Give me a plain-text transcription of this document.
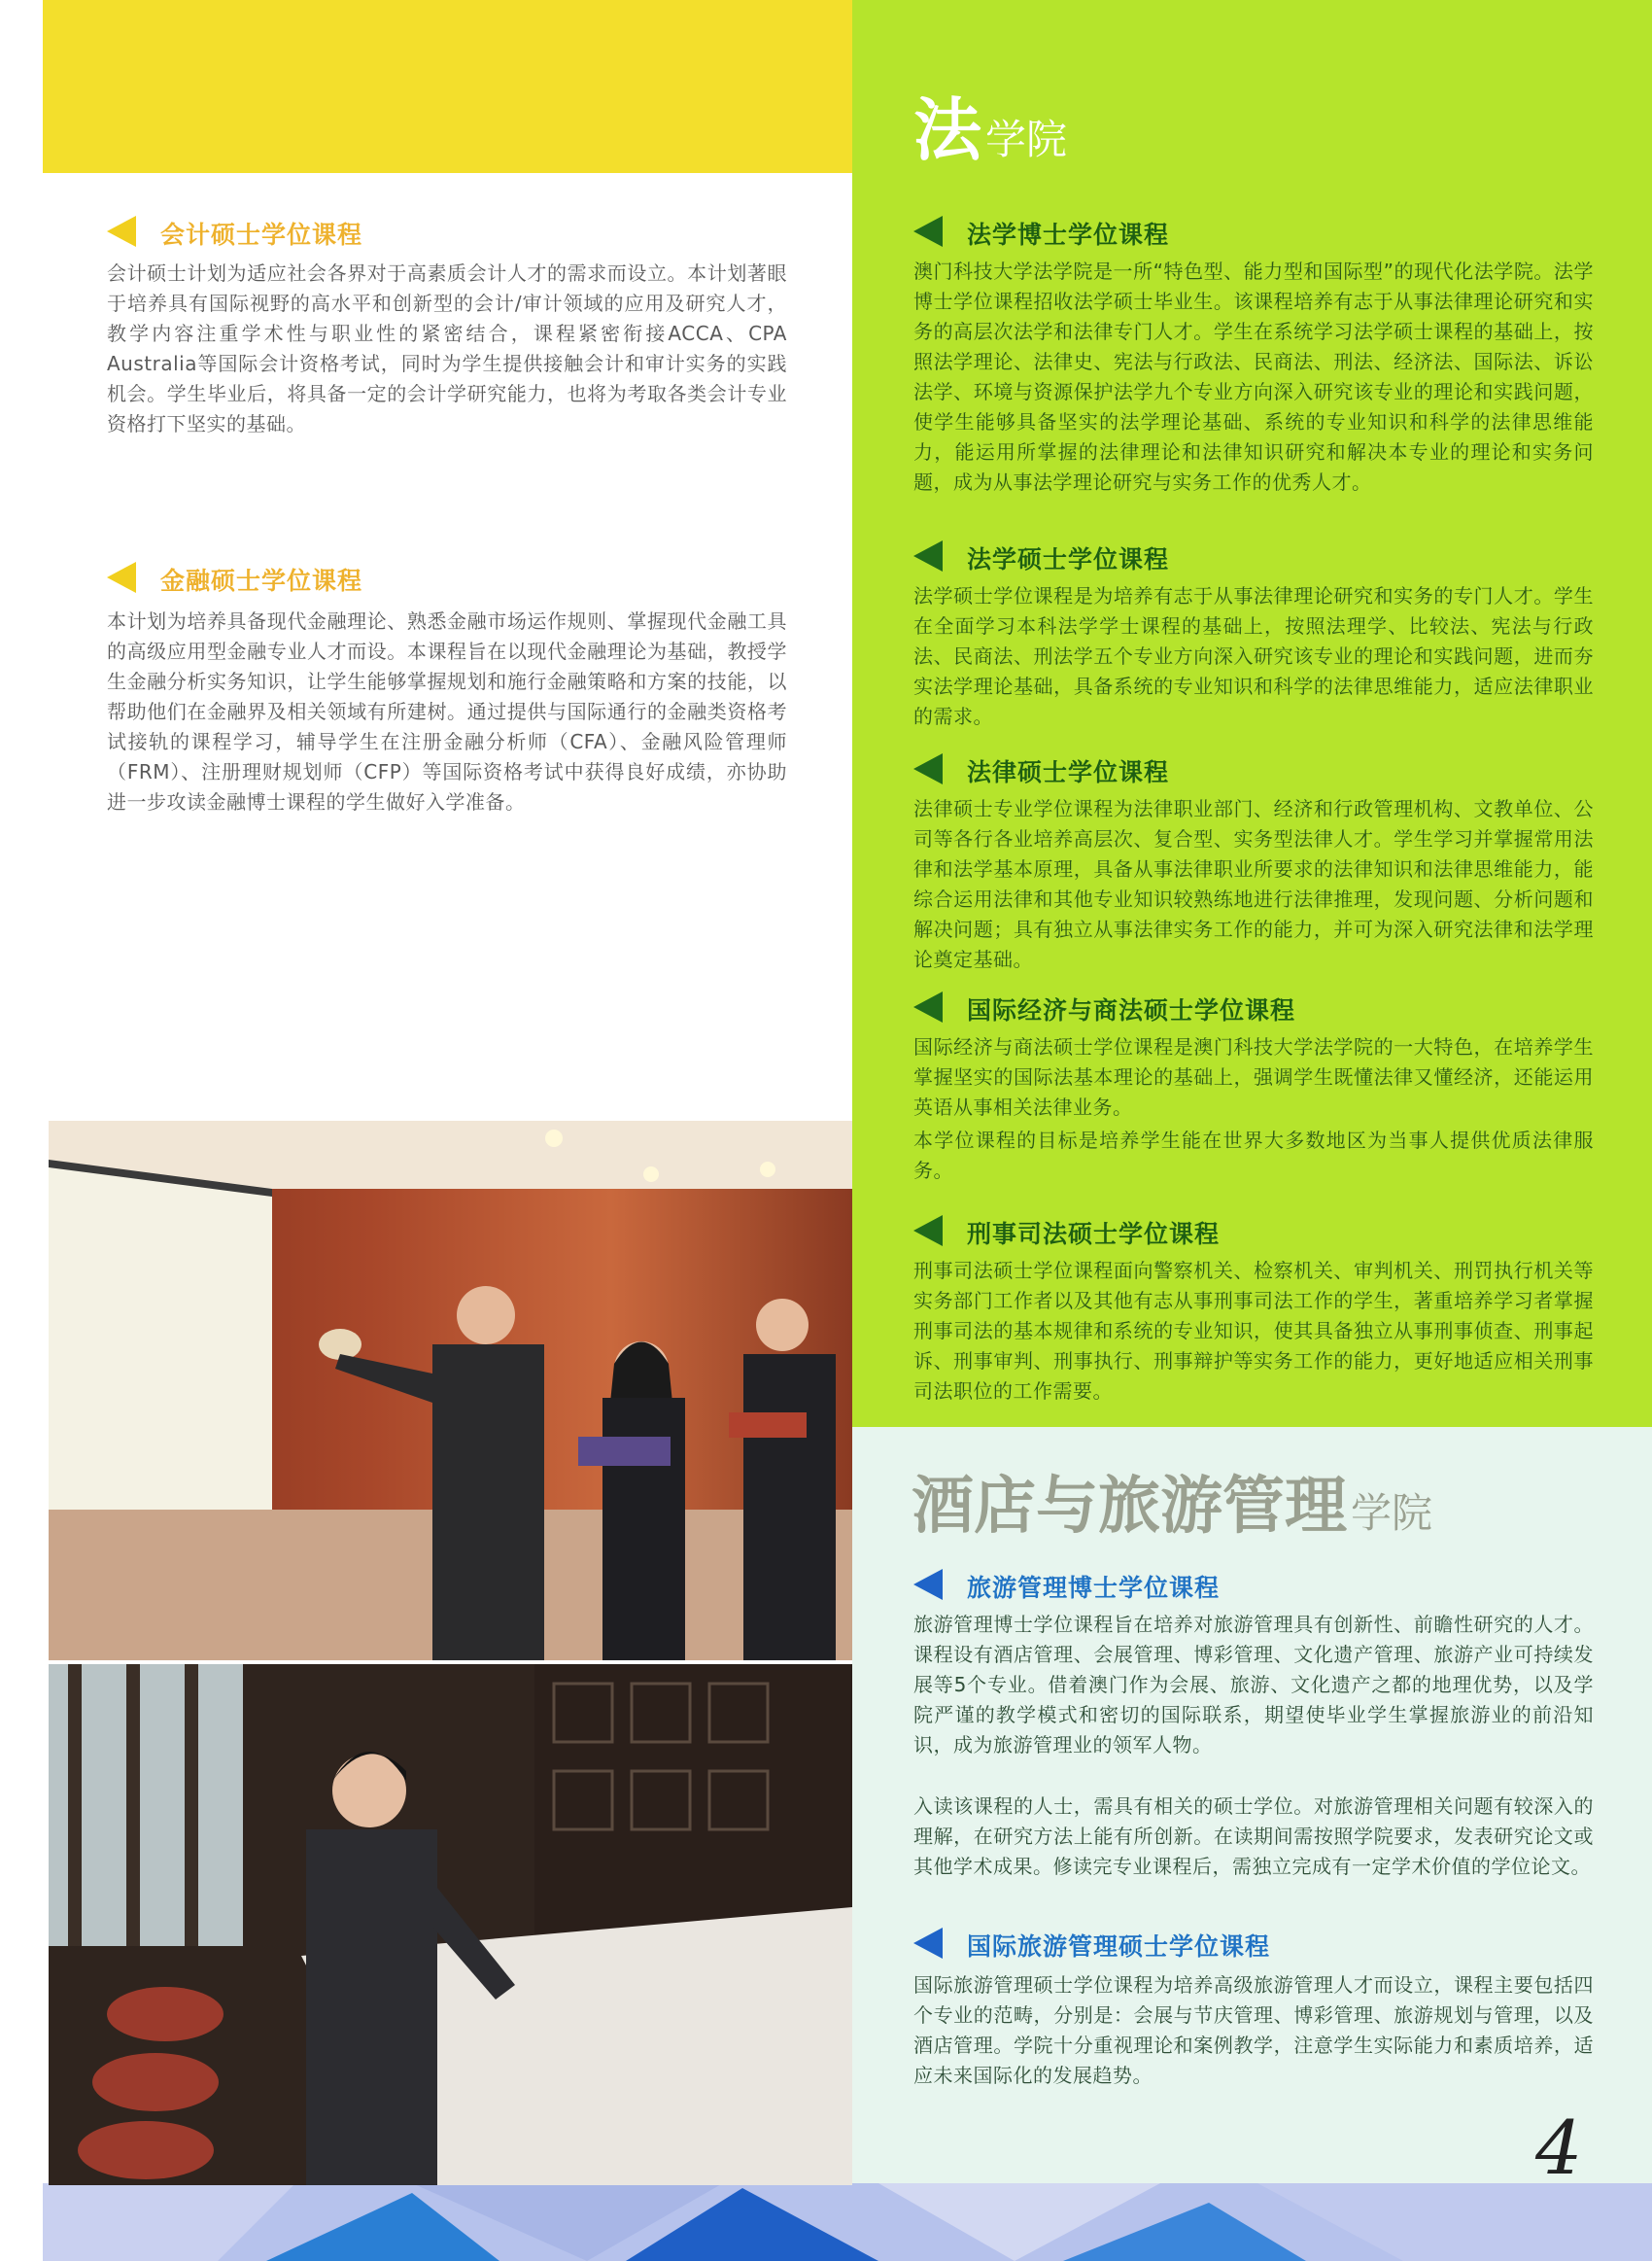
会计硕士学位课程
会计硕士计划为适应社会各界对于高素质会计人才的需求而设立。本计划著眼于培养具有国际视野的高水平和创新型的会计/审计领域的应用及研究人才，教学内容注重学术性与职业性的紧密结合，课程紧密衔接ACCA、CPA Australia等国际会计资格考试，同时为学生提供接触会计和审计实务的实践机会。学生毕业后，将具备一定的会计学研究能力，也将为考取各类会计专业资格打下坚实的基础。
金融硕士学位课程
本计划为培养具备现代金融理论、熟悉金融市场运作规则、掌握现代金融工具的高级应用型金融专业人才而设。本课程旨在以现代金融理论为基础，教授学生金融分析实务知识，让学生能够掌握规划和施行金融策略和方案的技能，以帮助他们在金融界及相关领域有所建树。通过提供与国际通行的金融类资格考试接轨的课程学习，辅导学生在注册金融分析师（CFA）、金融风险管理师（FRM）、注册理财规划师（CFP）等国际资格考试中获得良好成绩，亦协助进一步攻读金融博士课程的学生做好入学准备。
法学院
法学博士学位课程
澳门科技大学法学院是一所“特色型、能力型和国际型”的现代化法学院。法学博士学位课程招收法学硕士毕业生。该课程培养有志于从事法律理论研究和实务的高层次法学和法律专门人才。学生在系统学习法学硕士课程的基础上，按照法学理论、法律史、宪法与行政法、民商法、刑法、经济法、国际法、诉讼法学、环境与资源保护法学九个专业方向深入研究该专业的理论和实践问题，使学生能够具备坚实的法学理论基础、系统的专业知识和科学的法律思维能力，能运用所掌握的法律理论和法律知识研究和解决本专业的理论和实务问题，成为从事法学理论研究与实务工作的优秀人才。
法学硕士学位课程
法学硕士学位课程是为培养有志于从事法律理论研究和实务的专门人才。学生在全面学习本科法学学士课程的基础上，按照法理学、比较法、宪法与行政法、民商法、刑法学五个专业方向深入研究该专业的理论和实践问题，进而夯实法学理论基础，具备系统的专业知识和科学的法律思维能力，适应法律职业的需求。
法律硕士学位课程
法律硕士专业学位课程为法律职业部门、经济和行政管理机构、文教单位、公司等各行各业培养高层次、复合型、实务型法律人才。学生学习并掌握常用法律和法学基本原理，具备从事法律职业所要求的法律知识和法律思维能力，能综合运用法律和其他专业知识较熟练地进行法律推理，发现问题、分析问题和解决问题；具有独立从事法律实务工作的能力，并可为深入研究法律和法学理论奠定基础。
国际经济与商法硕士学位课程
国际经济与商法硕士学位课程是澳门科技大学法学院的一大特色，在培养学生掌握坚实的国际法基本理论的基础上，强调学生既懂法律又懂经济，还能运用英语从事相关法律业务。
本学位课程的目标是培养学生能在世界大多数地区为当事人提供优质法律服务。
刑事司法硕士学位课程
刑事司法硕士学位课程面向警察机关、检察机关、审判机关、刑罚执行机关等实务部门工作者以及其他有志从事刑事司法工作的学生，著重培养学习者掌握刑事司法的基本规律和系统的专业知识，使其具备独立从事刑事侦查、刑事起诉、刑事审判、刑事执行、刑事辩护等实务工作的能力，更好地适应相关刑事司法职位的工作需要。
酒店与旅游管理学院
旅游管理博士学位课程
旅游管理博士学位课程旨在培养对旅游管理具有创新性、前瞻性研究的人才。课程设有酒店管理、会展管理、博彩管理、文化遗产管理、旅游产业可持续发展等5个专业。借着澳门作为会展、旅游、文化遗产之都的地理优势，以及学院严谨的教学模式和密切的国际联系，期望使毕业学生掌握旅游业的前沿知识，成为旅游管理业的领军人物。
入读该课程的人士，需具有相关的硕士学位。对旅游管理相关问题有较深入的理解，在研究方法上能有所创新。在读期间需按照学院要求，发表研究论文或其他学术成果。修读完专业课程后，需独立完成有一定学术价值的学位论文。
国际旅游管理硕士学位课程
国际旅游管理硕士学位课程为培养高级旅游管理人才而设立，课程主要包括四个专业的范畴，分别是：会展与节庆管理、博彩管理、旅游规划与管理，以及酒店管理。学院十分重视理论和案例教学，注意学生实际能力和素质培养，适应未来国际化的发展趋势。
4
